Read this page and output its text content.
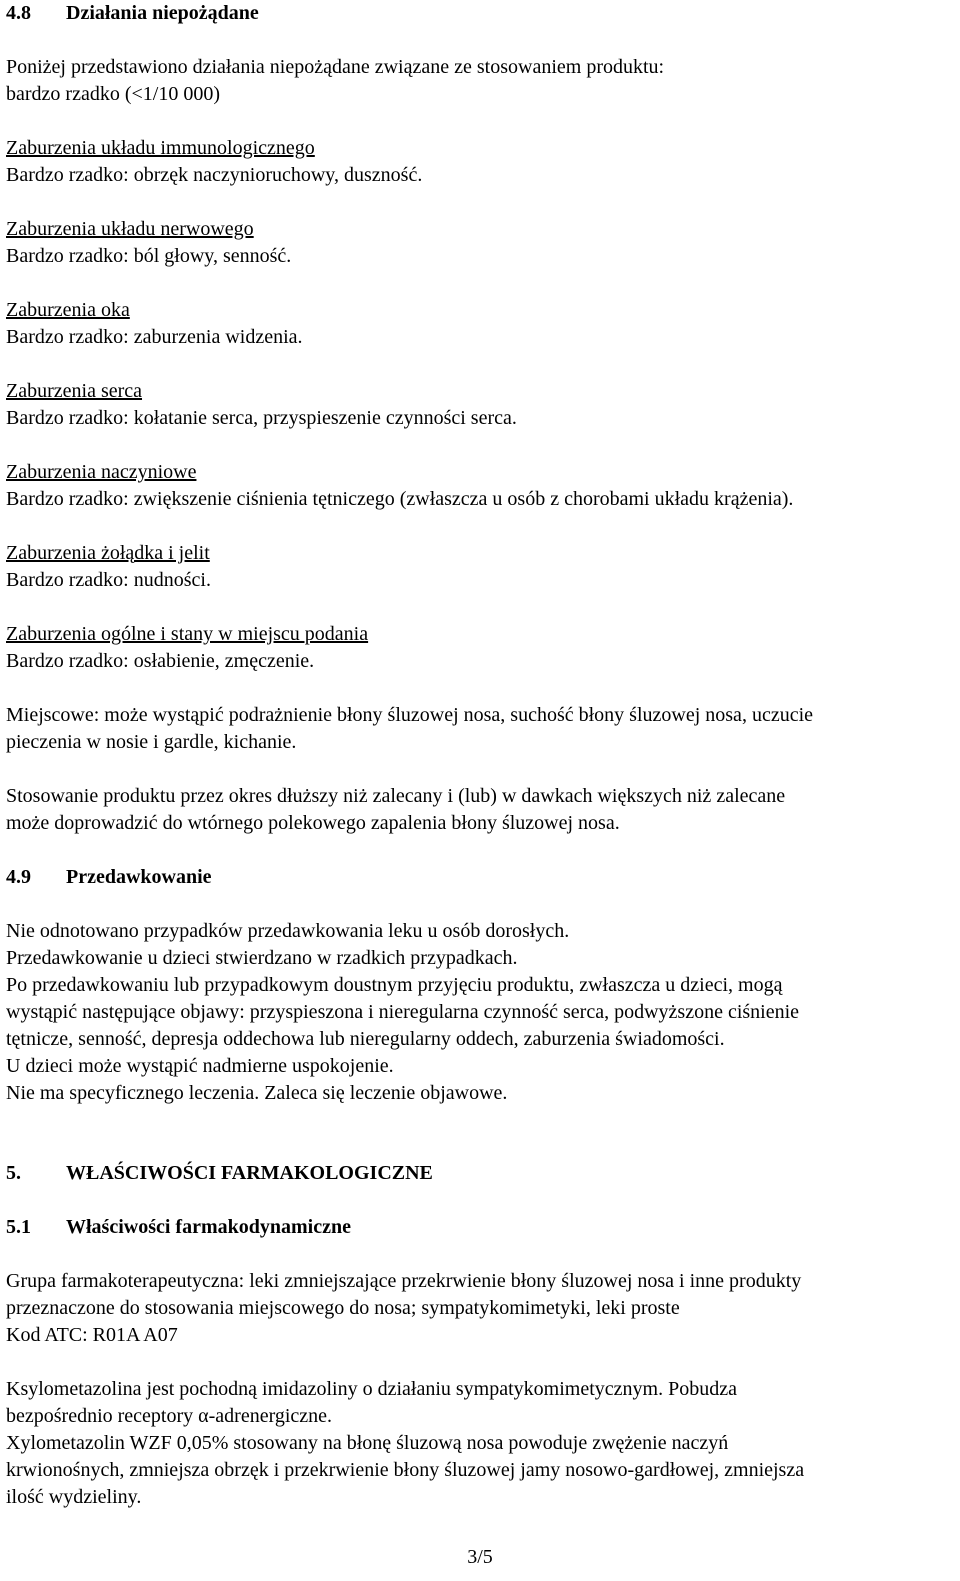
4.8	Działania niepożądane

Poniżej przedstawiono działania niepożądane związane ze stosowaniem produktu:

bardzo rzadko (<1/10 000)

Zaburzenia układu immunologicznego

Bardzo rzadko: obrzęk naczynioruchowy, duszność.

Zaburzenia układu nerwowego

Bardzo rzadko: ból głowy, senność.

Zaburzenia oka

Bardzo rzadko: zaburzenia widzenia.

Zaburzenia serca

Bardzo rzadko: kołatanie serca, przyspieszenie czynności serca.

Zaburzenia naczyniowe

Bardzo rzadko: zwiększenie ciśnienia tętniczego (zwłaszcza u osób z chorobami układu krążenia).

Zaburzenia żołądka i jelit

Bardzo rzadko: nudności.

Zaburzenia ogólne i stany w miejscu podania

Bardzo rzadko: osłabienie, zmęczenie.

Miejscowe: może wystąpić podrażnienie błony śluzowej nosa, suchość błony śluzowej nosa, uczucie

pieczenia w nosie i gardle, kichanie.

Stosowanie produktu przez okres dłuższy niż zalecany i (lub) w dawkach większych niż zalecane

może doprowadzić do wtórnego polekowego zapalenia błony śluzowej nosa.

4.9	Przedawkowanie

Nie odnotowano przypadków przedawkowania leku u osób dorosłych.

Przedawkowanie u dzieci stwierdzano w rzadkich przypadkach.

Po przedawkowaniu lub przypadkowym doustnym przyjęciu produktu, zwłaszcza u dzieci, mogą

wystąpić następujące objawy: przyspieszona i nieregularna czynność serca, podwyższone ciśnienie

tętnicze, senność, depresja oddechowa lub nieregularny oddech, zaburzenia świadomości.

U dzieci może wystąpić nadmierne uspokojenie.

Nie ma specyficznego leczenia. Zaleca się leczenie objawowe.

5.	WŁAŚCIWOŚCI FARMAKOLOGICZNE
5.1	Właściwości farmakodynamiczne

Grupa farmakoterapeutyczna: leki zmniejszające przekrwienie błony śluzowej nosa i inne produkty

przeznaczone do stosowania miejscowego do nosa; sympatykomimetyki, leki proste

Kod ATC: R01A A07

Ksylometazolina jest pochodną imidazoliny o działaniu sympatykomimetycznym. Pobudza

bezpośrednio receptory α-adrenergiczne.

Xylometazolin WZF 0,05% stosowany na błonę śluzową nosa powoduje zwężenie naczyń

krwionośnych, zmniejsza obrzęk i przekrwienie błony śluzowej jamy nosowo-gardłowej, zmniejsza

ilość wydzieliny.

3/5
